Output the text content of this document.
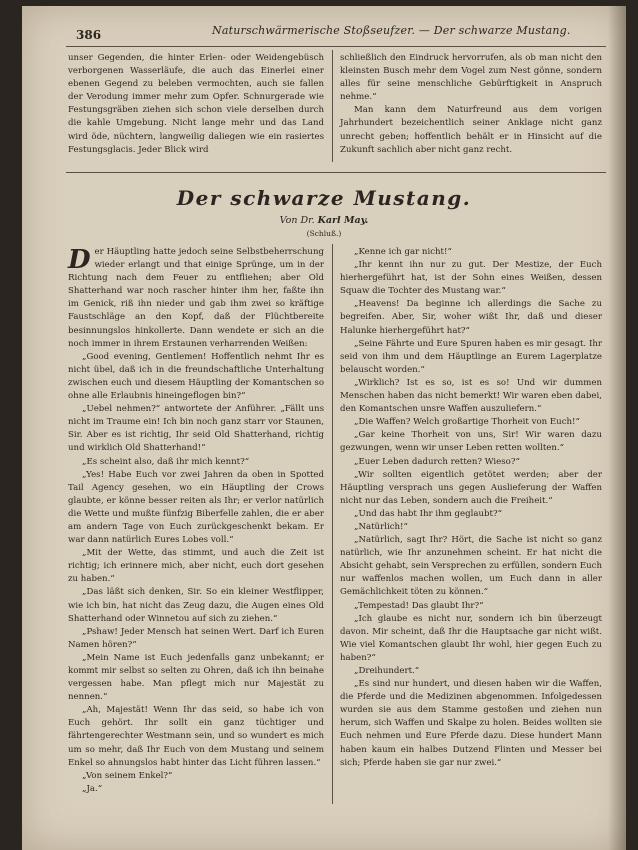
386	Naturschwärmerische Stoßseufzer. — Der schwarze Mustang.

unser Gegenden, die hinter Erlen- oder Weidengebüsch verborgenen Wasserläufe, die auch das Einerlei einer ebenen Gegend zu beleben vermochten, auch sie fallen der Verodung immer mehr zum Opfer. Schnurgerade wie Festungsgräben ziehen sich schon viele derselben durch die kahle Umgebung. Nicht lange mehr und das Land wird öde, nüchtern, langweilig daliegen wie ein rasiertes Festungsglacis. Jeder Blick wird

schließlich den Eindruck hervorrufen, als ob man nicht den kleinsten Busch mehr dem Vogel zum Nest gönne, sondern alles für seine menschliche Gebürftigkeit in Anspruch nehme.“

Man kann dem Naturfreund aus dem vorigen Jahrhundert bezeichentlich seiner Anklage nicht ganz unrecht geben; hoffentlich behält er in Hinsicht auf die Zukunft sachlich aber nicht ganz recht.

Der schwarze Mustang.
Von Dr. Karl May.
(Schluß.)

Der Häuptling hatte jedoch seine Selbstbeherrschung wieder erlangt und that einige Sprünge, um in der Richtung nach dem Feuer zu entfliehen; aber Old Shatterhand war noch rascher hinter ihm her, faßte ihn im Genick, riß ihn nieder und gab ihm zwei so kräftige Faustschläge an den Kopf, daß der Flüchtbereite besinnungslos hinkollerte. Dann wendete er sich an die noch immer in ihrem Erstaunen verharrenden Weißen:

„Good evening, Gentlemen! Hoffentlich nehmt Ihr es nicht übel, daß ich in die freundschaftliche Unterhaltung zwischen euch und diesem Häuptling der Komantschen so ohne alle Erlaubnis hineingeflogen bin?“

„Uebel nehmen?“ antwortete der Anführer. „Fällt uns nicht im Traume ein! Ich bin noch ganz starr vor Staunen, Sir. Aber es ist richtig, Ihr seid Old Shatterhand, richtig und wirklich Old Shatterhand!“

„Es scheint also, daß ihr mich kennt?“

„Yes! Habe Euch vor zwei Jahren da oben in Spotted Tail Agency gesehen, wo ein Häuptling der Crows glaubte, er könne besser reiten als Ihr; er verlor natürlich die Wette und mußte fünfzig Biberfelle zahlen, die er aber am andern Tage von Euch zurückgeschenkt bekam. Er war dann natürlich Eures Lobes voll.“

„Mit der Wette, das stimmt, und auch die Zeit ist richtig; ich erinnere mich, aber nicht, euch dort gesehen zu haben.“

„Das läßt sich denken, Sir. So ein kleiner Westflipper, wie ich bin, hat nicht das Zeug dazu, die Augen eines Old Shatterhand oder Winnetou auf sich zu ziehen.“

„Pshaw! Jeder Mensch hat seinen Wert. Darf ich Euren Namen hören?“

„Mein Name ist Euch jedenfalls ganz unbekannt; er kommt mir selbst so selten zu Ohren, daß ich ihn beinahe vergessen habe. Man pflegt mich nur Majestät zu nennen.“

„Ah, Majestät! Wenn Ihr das seid, so habe ich von Euch gehört. Ihr sollt ein ganz tüchtiger und fährtengerechter Westmann sein, und so wundert es mich um so mehr, daß Ihr Euch von dem Mustang und seinem Enkel so ahnungslos habt hinter das Licht führen lassen.“

„Von seinem Enkel?“

„Ja.“

„Kenne ich gar nicht!“

„Ihr kennt ihn nur zu gut. Der Mestize, der Euch hierhergeführt hat, ist der Sohn eines Weißen, dessen Squaw die Tochter des Mustang war.“

„Heavens! Da beginne ich allerdings die Sache zu begreifen. Aber, Sir, woher wißt Ihr, daß und dieser Halunke hierhergeführt hat?“

„Seine Fährte und Eure Spuren haben es mir gesagt. Ihr seid von ihm und dem Häuptlinge an Eurem Lagerplatze belauscht worden.“

„Wirklich? Ist es so, ist es so! Und wir dummen Menschen haben das nicht bemerkt! Wir waren eben dabei, den Komantschen unsre Waffen auszuliefern.“

„Die Waffen? Welch großartige Thorheit von Euch!“

„Gar keine Thorheit von uns, Sir! Wir waren dazu gezwungen, wenn wir unser Leben retten wollten.“

„Euer Leben dadurch retten? Wieso?“

„Wir sollten eigentlich getötet werden; aber der Häuptling versprach uns gegen Auslieferung der Waffen nicht nur das Leben, sondern auch die Freiheit.“

„Und das habt Ihr ihm geglaubt?“

„Natürlich!“

„Natürlich, sagt Ihr? Hört, die Sache ist nicht so ganz natürlich, wie Ihr anzunehmen scheint. Er hat nicht die Absicht gehabt, sein Versprechen zu erfüllen, sondern Euch nur waffenlos machen wollen, um Euch dann in aller Gemächlichkeit töten zu können.“

„Tempestad! Das glaubt Ihr?“

„Ich glaube es nicht nur, sondern ich bin überzeugt davon. Mir scheint, daß Ihr die Hauptsache gar nicht wißt. Wie viel Komantschen glaubt Ihr wohl, hier gegen Euch zu haben?“

„Dreihundert.“

„Es sind nur hundert, und diesen haben wir die Waffen, die Pferde und die Medizinen abgenommen. Infolgedessen wurden sie aus dem Stamme gestoßen und ziehen nun herum, sich Waffen und Skalpe zu holen. Beides wollten sie Euch nehmen und Eure Pferde dazu. Diese hundert Mann haben kaum ein halbes Dutzend Flinten und Messer bei sich; Pferde haben sie gar nur zwei.“
